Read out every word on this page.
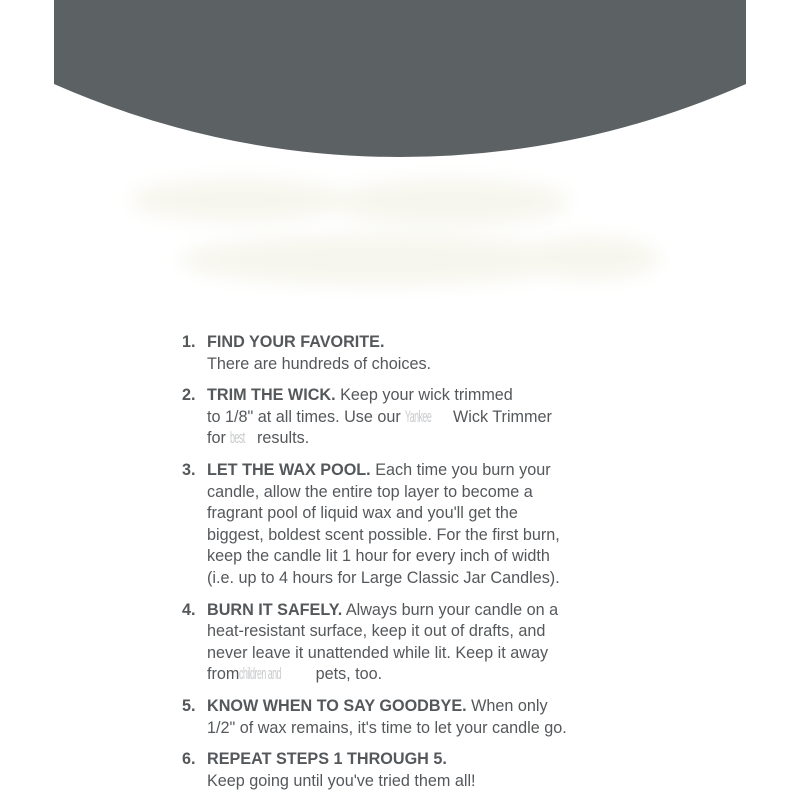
1. FIND YOUR FAVORITE.
There are hundreds of choices.
2. TRIM THE WICK. Keep your wick trimmed
to 1/8" at all times. Use our Yankee Wick Trimmer
for best results.
3. LET THE WAX POOL. Each time you burn your
candle, allow the entire top layer to become a
fragrant pool of liquid wax and you'll get the
biggest, boldest scent possible. For the first burn,
keep the candle lit 1 hour for every inch of width
(i.e. up to 4 hours for Large Classic Jar Candles).
4. BURN IT SAFELY. Always burn your candle on a
heat-resistant surface, keep it out of drafts, and
never leave it unattended while lit. Keep it away
fromchildren and pets, too.
5. KNOW WHEN TO SAY GOODBYE. When only
1/2" of wax remains, it's time to let your candle go.
6. REPEAT STEPS 1 THROUGH 5.
Keep going until you've tried them all!
